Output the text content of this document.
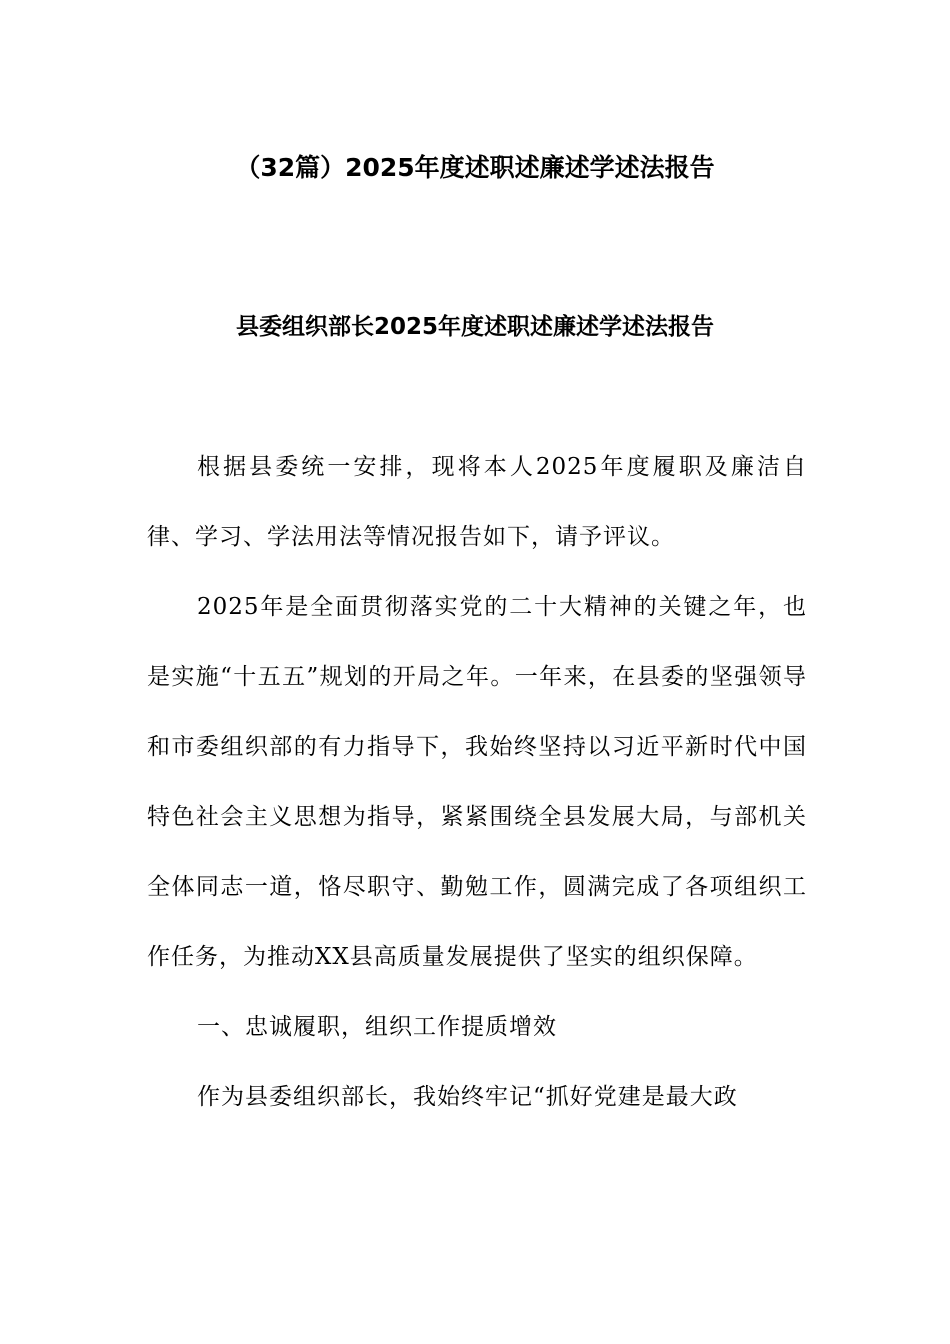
（32篇）2025年度述职述廉述学述法报告
县委组织部长2025年度述职述廉述学述法报告

根据县委统一安排，现将本人2025年度履职及廉洁自律、学习、学法用法等情况报告如下，请予评议。

2025年是全面贯彻落实党的二十大精神的关键之年，也是实施“十五五”规划的开局之年。一年来，在县委的坚强领导和市委组织部的有力指导下，我始终坚持以习近平新时代中国特色社会主义思想为指导，紧紧围绕全县发展大局，与部机关全体同志一道，恪尽职守、勤勉工作，圆满完成了各项组织工作任务，为推动XX县高质量发展提供了坚实的组织保障。

一、忠诚履职，组织工作提质增效

作为县委组织部长，我始终牢记“抓好党建是最大政
